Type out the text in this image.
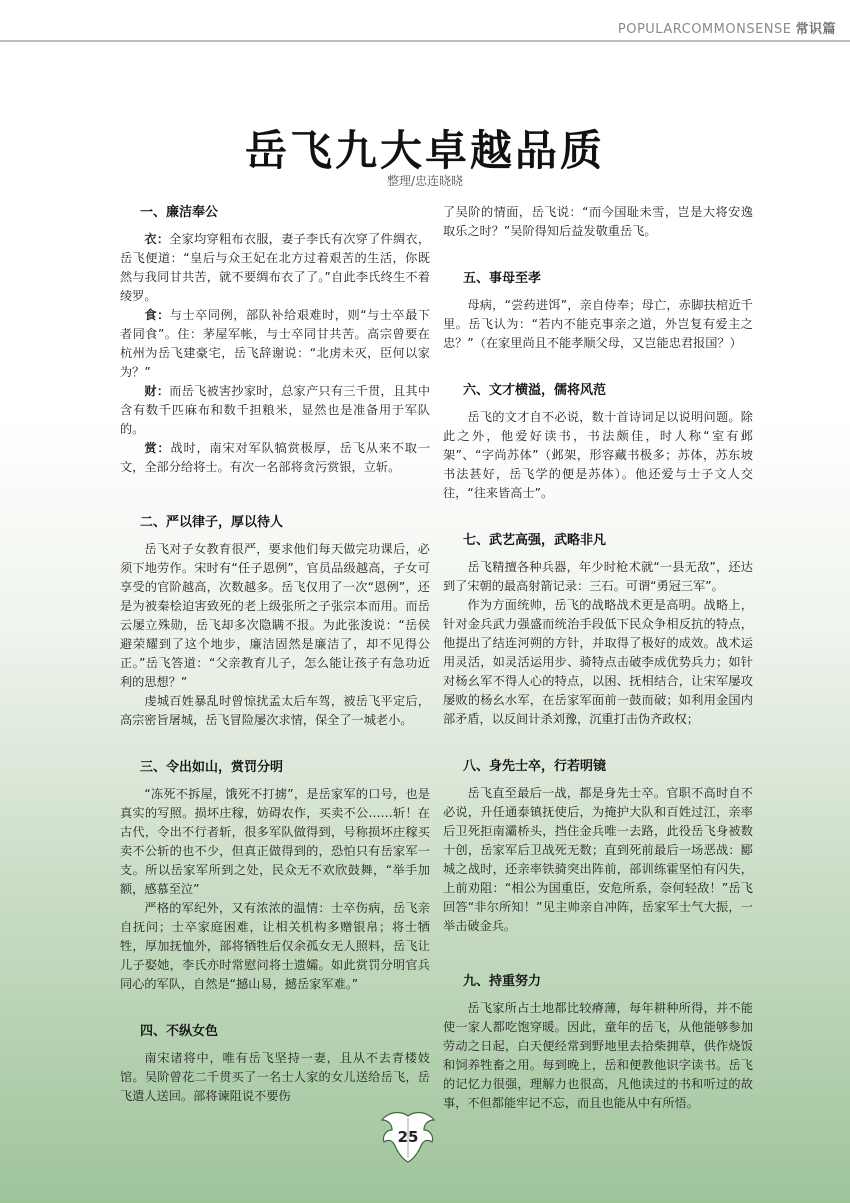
POPULARCOMMONSENSE 常识篇
岳飞九大卓越品质
整理/忠连晓晓
一、廉洁奉公

衣：全家均穿粗布衣服，妻子李氏有次穿了件绸衣，岳飞便道：“皇后与众王妃在北方过着艰苦的生活，你既然与我同甘共苦，就不要绸布衣了了。”自此李氏终生不着绫罗。

食：与士卒同例，部队补给艰难时，则“与士卒最下者同食”。住：茅屋军帐，与士卒同甘共苦。高宗曾要在杭州为岳飞建豪宅，岳飞辞谢说：“北虏未灭，臣何以家为？”

财：而岳飞被害抄家时，总家产只有三千贯，且其中含有数千匹麻布和数千担粮米，显然也是准备用于军队的。

赏：战时，南宋对军队犒赏极厚，岳飞从来不取一文，全部分给将士。有次一名部将贪污赏银，立斩。

二、严以律子，厚以待人

岳飞对子女教育很严，要求他们每天做完功课后，必须下地劳作。宋时有“任子恩例”，官员品级越高，子女可享受的官阶越高，次数越多。岳飞仅用了一次“恩例”，还是为被秦桧迫害致死的老上级张所之子张宗本而用。而岳云屡立殊勋，岳飞却多次隐瞒不报。为此张浚说：“岳侯避荣耀到了这个地步，廉洁固然是廉洁了，却不见得公正。”岳飞答道：“父亲教育儿子，怎么能让孩子有急功近利的思想？”

虔城百姓暴乱时曾惊扰孟太后车驾，被岳飞平定后，高宗密旨屠城，岳飞冒险屡次求情，保全了一城老小。

三、令出如山，赏罚分明

“冻死不拆屋，饿死不打掳”，是岳家军的口号，也是真实的写照。损坏庄稼，妨碍农作，买卖不公……斩！在古代，令出不行者斩，很多军队做得到，号称损坏庄稼买卖不公斩的也不少，但真正做得到的，恐怕只有岳家军一支。所以岳家军所到之处，民众无不欢欣鼓舞，“举手加额，感慕至泣”

严格的军纪外，又有浓浓的温情：士卒伤病，岳飞亲自抚问；士卒家庭困难，让相关机构多赠银帛；将士牺牲，厚加抚恤外，部将牺牲后仅余孤女无人照料，岳飞让儿子娶她，李氏亦时常慰问将士遗孀。如此赏罚分明官兵同心的军队，自然是“撼山易，撼岳家军难。”

四、不纵女色

南宋诸将中，唯有岳飞坚持一妻，且从不去青楼妓馆。吴阶曾花二千贯买了一名士人家的女儿送给岳飞，岳飞遣人送回。部将谏阻说不要伤

了吴阶的情面，岳飞说：“而今国耻未雪，岂是大将安逸取乐之时？”吴阶得知后益发敬重岳飞。

五、事母至孝

母病，“尝药进饵”，亲自侍奉；母亡，赤脚扶棺近千里。岳飞认为：“若内不能克事亲之道，外岂复有爱主之忠？”（在家里尚且不能孝顺父母，又岂能忠君报国？）

六、文才横溢，儒将风范

岳飞的文才自不必说，数十首诗词足以说明问题。除此之外，他爱好读书，书法颇佳，时人称“室有邺架”、“字尚苏体”（邺架，形容藏书极多；苏体，苏东坡书法甚好，岳飞学的便是苏体）。他还爱与士子文人交往，“往来皆高士”。

七、武艺高强，武略非凡

岳飞精擅各种兵器，年少时枪术就“一县无敌”，还达到了宋朝的最高射箭记录：三石。可谓“勇冠三军”。

作为方面统帅，岳飞的战略战术更是高明。战略上，针对金兵武力强盛而统治手段低下民众争相反抗的特点，他提出了结连河朔的方针，并取得了极好的成效。战术运用灵活，如灵活运用步、骑特点击破李成优势兵力；如针对杨幺军不得人心的特点，以困、抚相结合，让宋军屡攻屡败的杨幺水军，在岳家军面前一鼓而破；如利用金国内部矛盾，以反间计杀刘豫，沉重打击伪齐政权；

八、身先士卒，行若明镜

岳飞直至最后一战，都是身先士卒。官职不高时自不必说，升任通泰镇抚使后，为掩护大队和百姓过江，亲率后卫死拒南灞桥头，挡住金兵唯一去路，此役岳飞身被数十创，岳家军后卫战死无数；直到死前最后一场恶战：郾城之战时，还亲率铁骑突出阵前，部训练霍坚怕有闪失，上前劝阻：“相公为国重臣，安危所系，奈何轻敌！”岳飞回答“非尔所知！”见主帅亲自冲阵，岳家军士气大振，一举击破金兵。

九、持重努力

岳飞家所占土地都比较瘠薄，每年耕种所得，并不能使一家人都吃饱穿暖。因此，童年的岳飞，从他能够参加劳动之日起，白天便经常到野地里去拾柴拥草，供作烧饭和饲养牲畜之用。每到晚上，岳和便教他识字读书。岳飞的记忆力很强，理解力也很高，凡他读过的书和听过的故事，不但都能牢记不忘，而且也能从中有所悟。

25
